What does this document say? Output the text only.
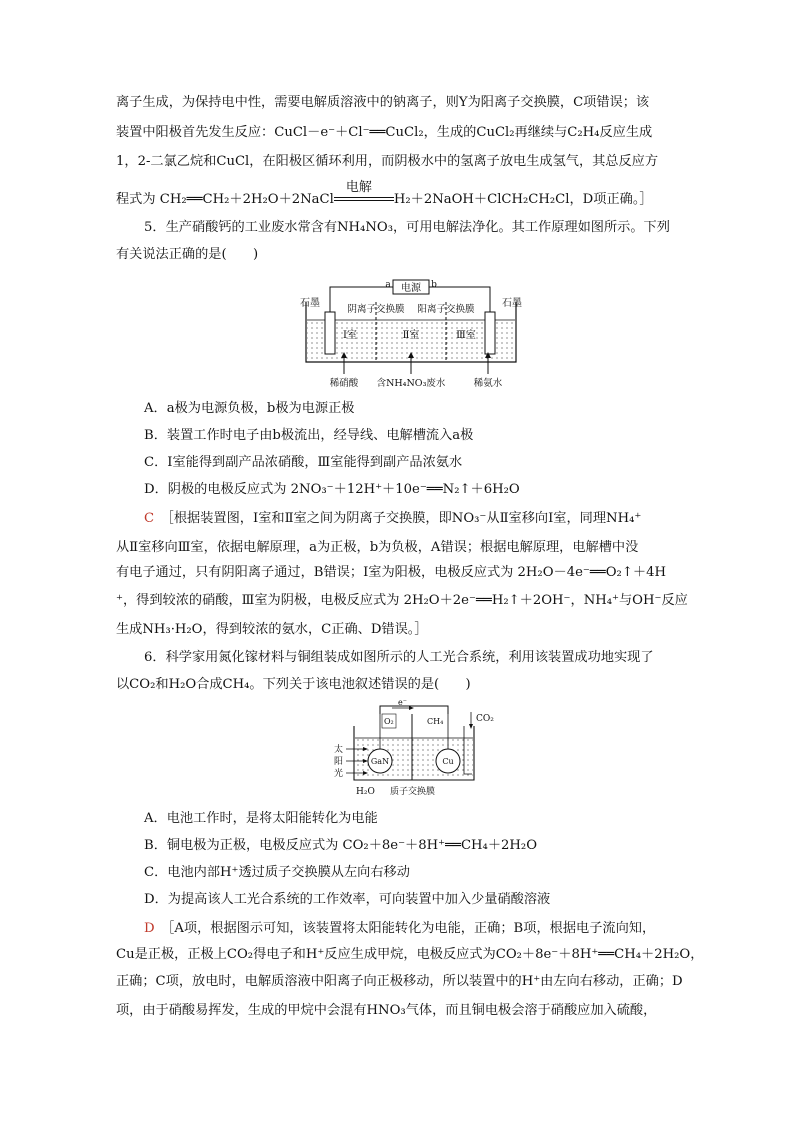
离子生成，为保持电中性，需要电解质溶液中的钠离子，则Y为阳离子交换膜，C项错误；该
装置中阳极首先发生反应：CuCl－e⁻＋Cl⁻══CuCl₂，生成的CuCl₂再继续与C₂H₄反应生成
1，2-二氯乙烷和CuCl，在阳极区循环利用，而阴极水中的氢离子放电生成氢气，其总反应方
程式为 CH₂══CH₂＋2H₂O＋2NaCl
电解
H₂＋2NaOH＋ClCH₂CH₂Cl，D项正确。］
5．生产硝酸钙的工业废水常含有NH₄NO₃，可用电解法净化。其工作原理如图所示。下列
有关说法正确的是(　　)
电源
a	b
石墨	石墨
阴离子交换膜 阳离子交换膜
Ⅰ室	Ⅱ室	Ⅲ室
稀硝酸 含NH₄NO₃废水	稀氨水
A．a极为电源负极，b极为电源正极
B．装置工作时电子由b极流出，经导线、电解槽流入a极
C．Ⅰ室能得到副产品浓硝酸，Ⅲ室能得到副产品浓氨水
D．阴极的电极反应式为 2NO₃⁻＋12H⁺＋10e⁻══N₂↑＋6H₂O
C　 ［根据装置图，Ⅰ室和Ⅱ室之间为阴离子交换膜，即NO₃⁻从Ⅱ室移向Ⅰ室，同理NH₄⁺
从Ⅱ室移向Ⅲ室，依据电解原理，a为正极，b为负极，A错误；根据电解原理，电解槽中没
有电子通过，只有阴阳离子通过，B错误；Ⅰ室为阳极，电极反应式为 2H₂O－4e⁻══O₂↑＋4H
⁺，得到较浓的硝酸，Ⅲ室为阴极，电极反应式为 2H₂O＋2e⁻══H₂↑＋2OH⁻，NH₄⁺与OH⁻反应
生成NH₃·H₂O，得到较浓的氨水，C正确、D错误。］
6．科学家用氮化镓材料与铜组装成如图所示的人工光合系统，利用该装置成功地实现了
以CO₂和H₂O合成CH₄。下列关于该电池叙述错误的是(　　)
e⁻
CO₂
O₂	CH₄
GaN	Cu
太
阳
光
H₂O 质子交换膜
A．电池工作时，是将太阳能转化为电能
B．铜电极为正极，电极反应式为 CO₂＋8e⁻＋8H⁺══CH₄＋2H₂O
C．电池内部H⁺透过质子交换膜从左向右移动
D．为提高该人工光合系统的工作效率，可向装置中加入少量硝酸溶液
D　 ［A项，根据图示可知，该装置将太阳能转化为电能，正确；B项，根据电子流向知，
Cu是正极，正极上CO₂得电子和H⁺反应生成甲烷，电极反应式为CO₂＋8e⁻＋8H⁺══CH₄＋2H₂O，
正确；C项，放电时，电解质溶液中阳离子向正极移动，所以装置中的H⁺由左向右移动，正确；D
项，由于硝酸易挥发，生成的甲烷中会混有HNO₃气体，而且铜电极会溶于硝酸应加入硫酸，
